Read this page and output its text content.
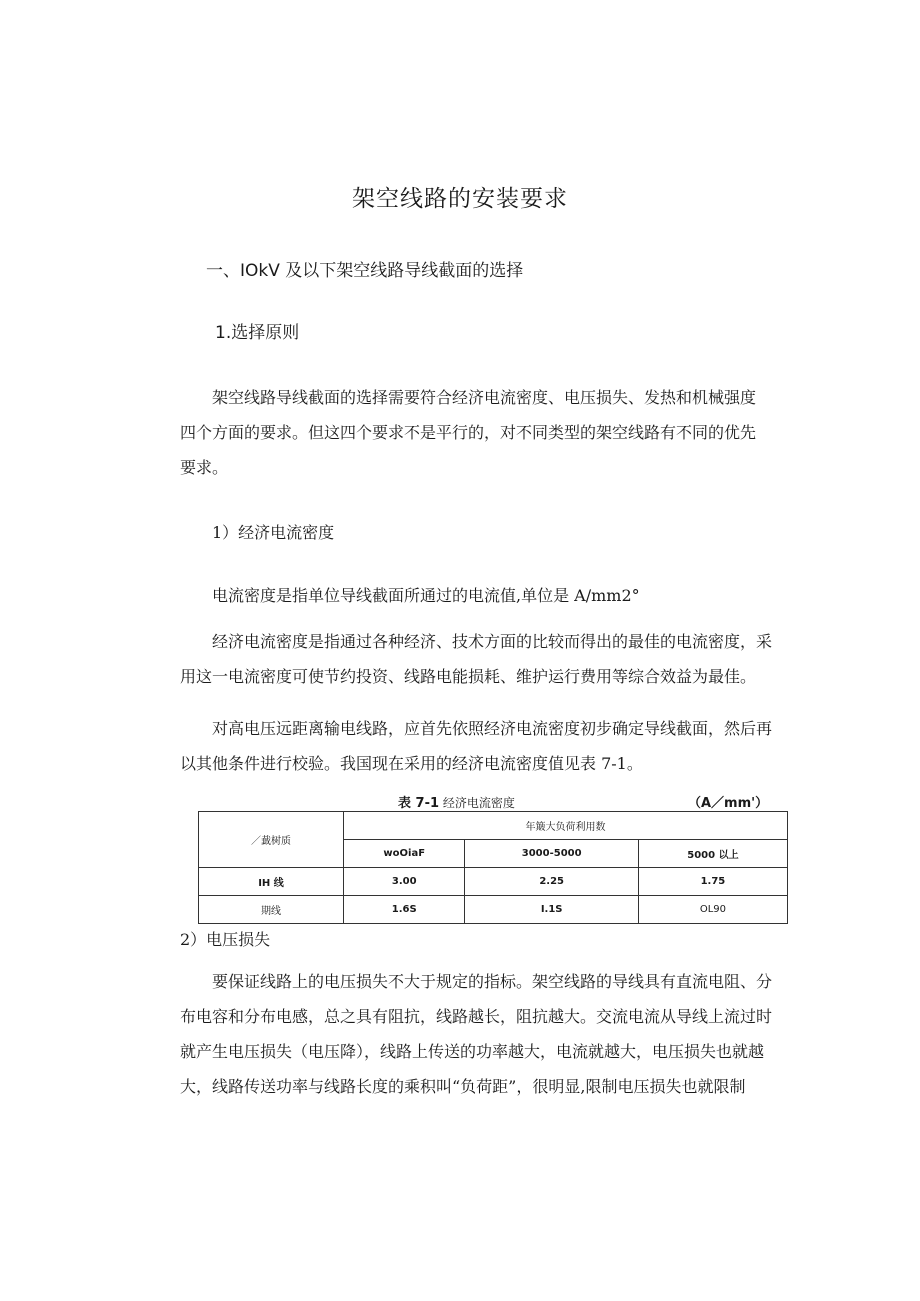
架空线路的安装要求
一、IOkV 及以下架空线路导线截面的选择
1.选择原则
架空线路导线截面的选择需要符合经济电流密度、电压损失、发热和机械强度
四个方面的要求。但这四个要求不是平行的，对不同类型的架空线路有不同的优先
要求。
1）经济电流密度
电流密度是指单位导线截面所通过的电流值,单位是 A∕mm2°
经济电流密度是指通过各种经济、技术方面的比较而得出的最佳的电流密度，采
用这一电流密度可使节约投资、线路电能损耗、维护运行费用等综合效益为最佳。
对高电压远距离输电线路，应首先依照经济电流密度初步确定导线截面，然后再
以其他条件进行校验。我国现在采用的经济电流密度值见表 7-1。
表 7-1 经济电流密度	（A／mm'）
／韯树质	年簸大负荷利用数		
	woOiaF	3000-5000	5000 以上
IH 线	3.00	2.25	1.75
期线	1.6S	I.1S	OL90
2）电压损失
要保证线路上的电压损失不大于规定的指标。架空线路的导线具有直流电阻、分
布电容和分布电感，总之具有阻抗，线路越长，阻抗越大。交流电流从导线上流过时
就产生电压损失（电压降），线路上传送的功率越大，电流就越大，电压损失也就越
大，线路传送功率与线路长度的乘积叫“负荷距”，很明显,限制电压损失也就限制
